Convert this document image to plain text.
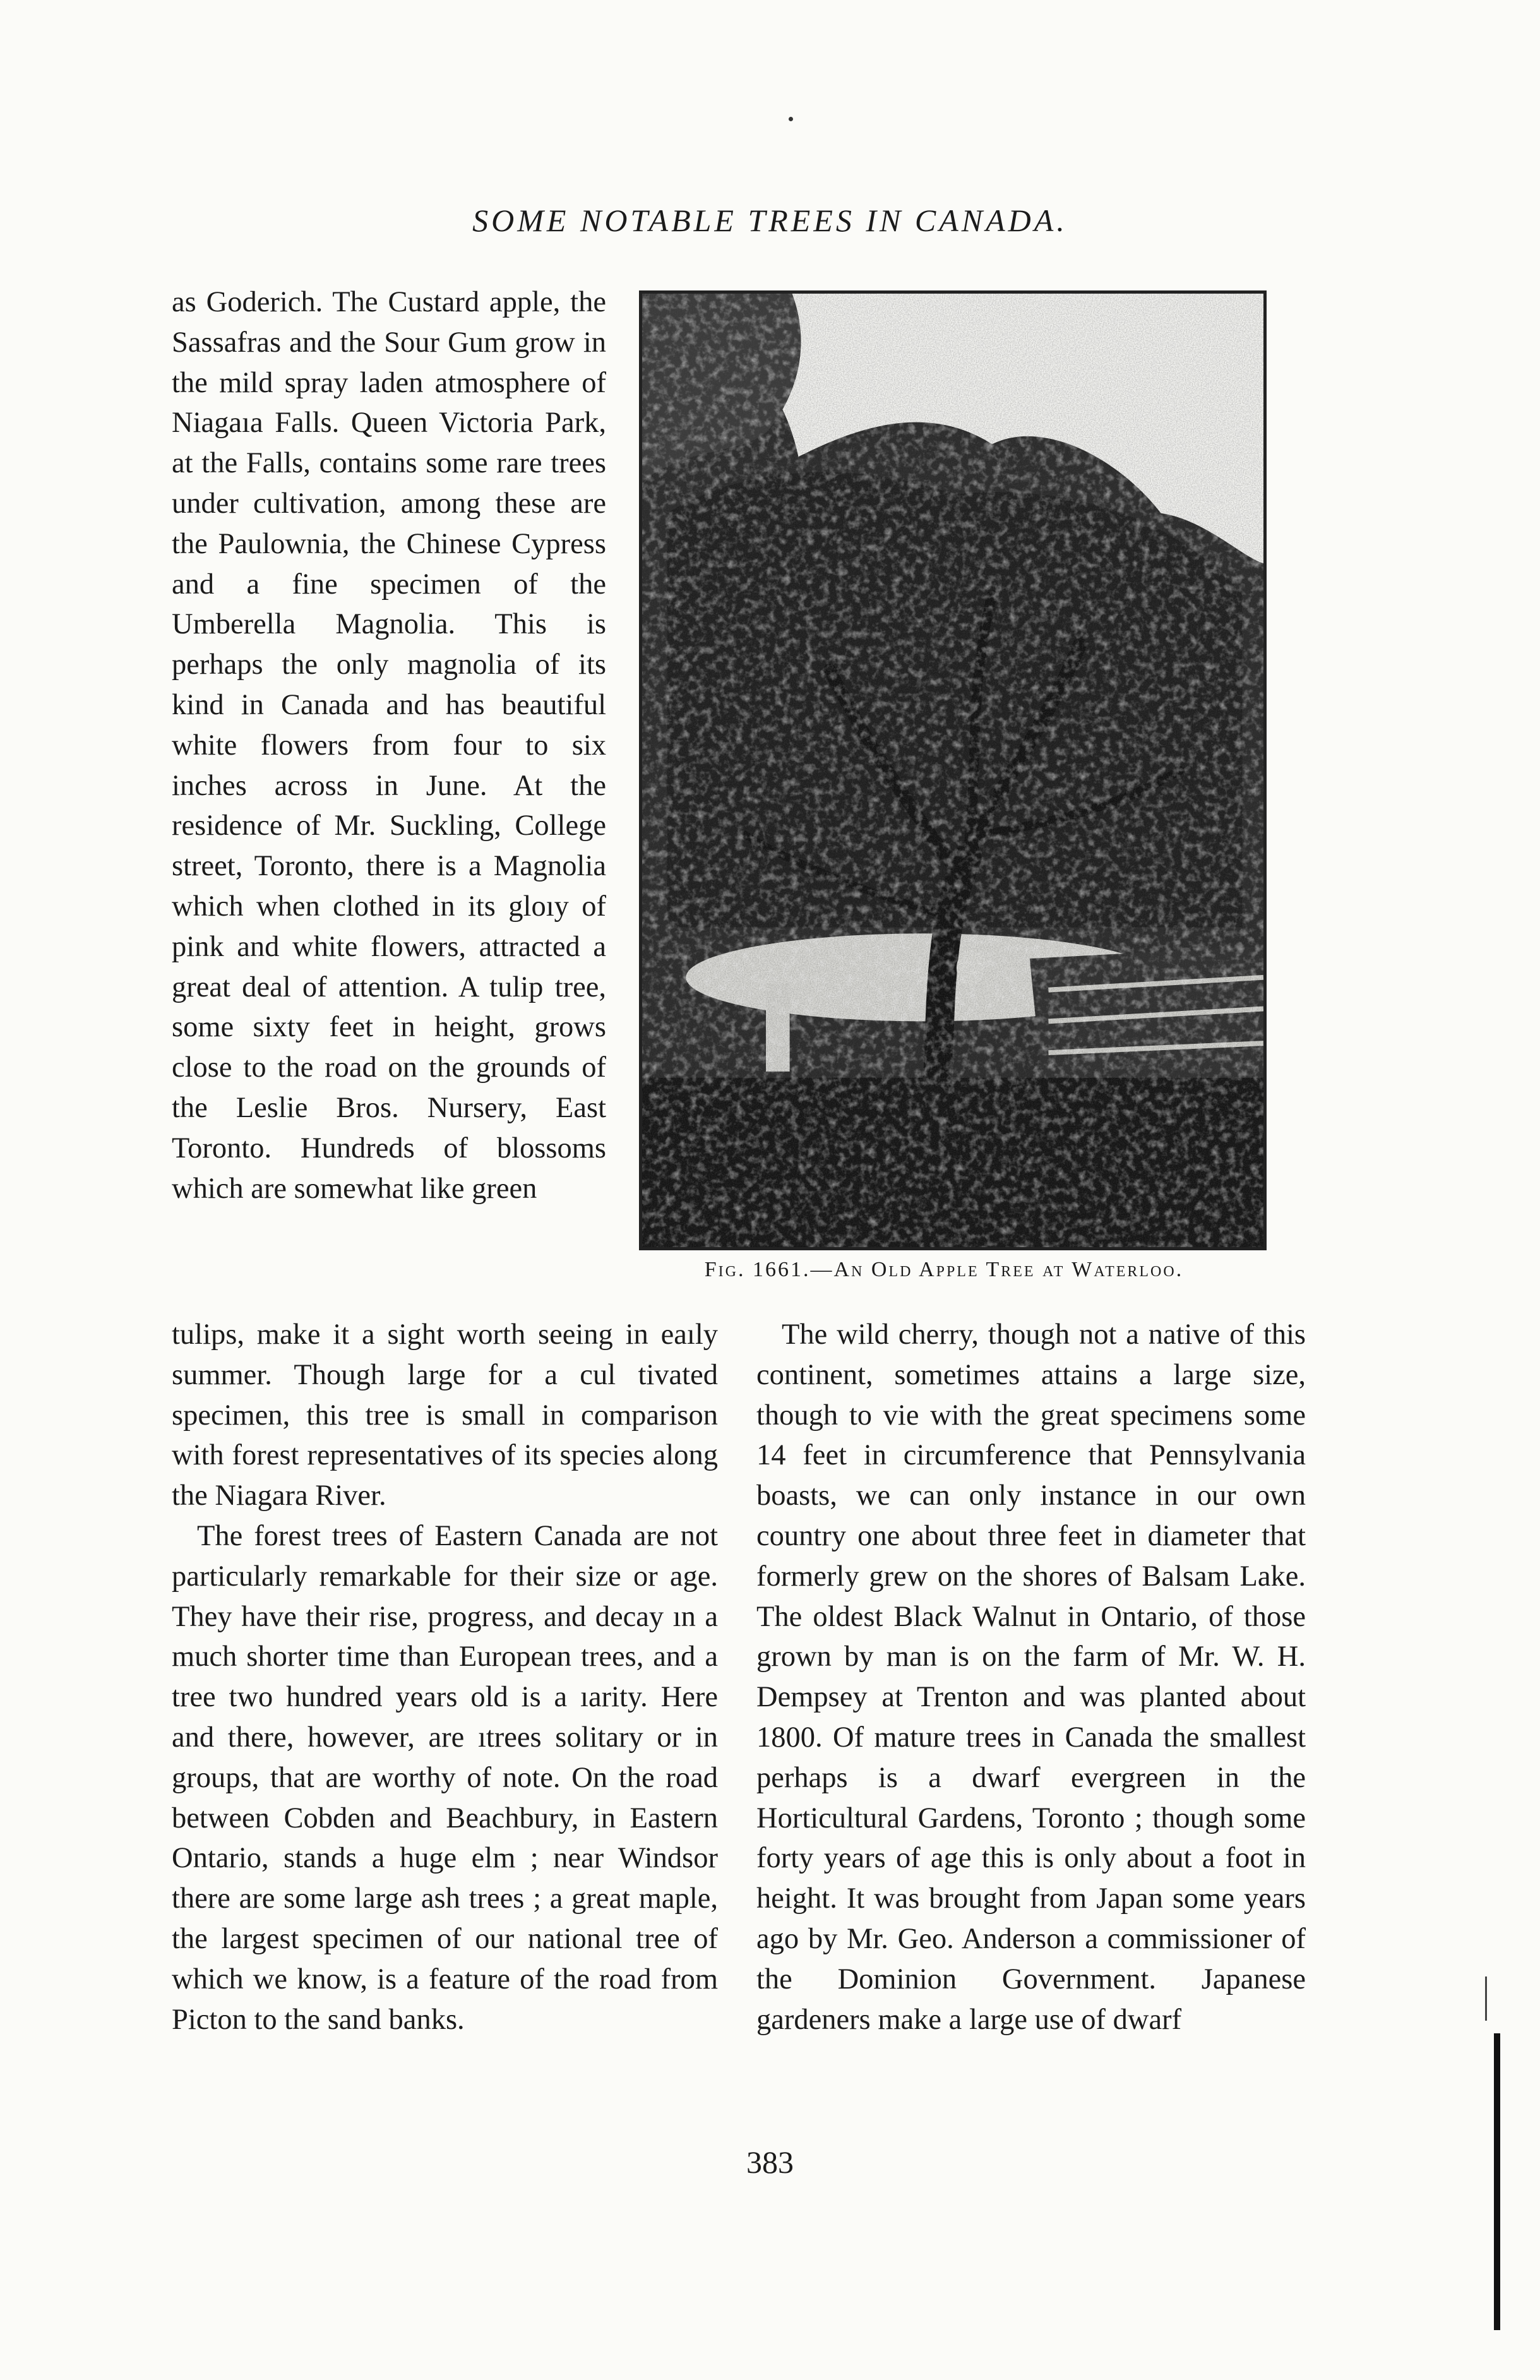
SOME NOTABLE TREES IN CANADA.

as Goderich. The Custard apple, the Sassafras and the Sour Gum grow in the mild spray laden atmosphere of Niagaıa Falls. Queen Victoria Park, at the Falls, contains some rare trees under cultivation, among these are the Paulownia, the Chinese Cypress and a fine specimen of the Umberella Magnolia. This is perhaps the only magnolia of its kind in Canada and has beautiful white flowers from four to six inches across in June. At the residence of Mr. Suckling, College street, Toronto, there is a Magnolia which when clothed in its gloıy of pink and white flowers, attracted a great deal of attention. A tulip tree, some sixty feet in height, grows close to the road on the grounds of the Leslie Bros. Nursery, East Toronto. Hundreds of blossoms which are somewhat like green

Fig. 1661.—An Old Apple Tree at Waterloo.

tulips, make it a sight worth seeing in eaıly summer. Though large for a cul tivated specimen, this tree is small in comparison with forest representatives of its species along the Niagara River.

The forest trees of Eastern Canada are not particularly remarkable for their size or age. They have their rise, progress, and decay ın a much shorter time than European trees, and a tree two hundred years old is a ıarity. Here and there, however, are ıtrees solitary or in groups, that are worthy of note. On the road between Cobden and Beachbury, in Eastern Ontario, stands a huge elm ; near Windsor there are some large ash trees ; a great maple, the largest specimen of our national tree of which we know, is a feature of the road from Picton to the sand banks.

The wild cherry, though not a native of this continent, sometimes attains a large size, though to vie with the great specimens some 14 feet in circumference that Pennsylvania boasts, we can only instance in our own country one about three feet in diameter that formerly grew on the shores of Balsam Lake. The oldest Black Walnut in Ontario, of those grown by man is on the farm of Mr. W. H. Dempsey at Trenton and was planted about 1800. Of mature trees in Canada the smallest perhaps is a dwarf evergreen in the Horticultural Gardens, Toronto ; though some forty years of age this is only about a foot in height. It was brought from Japan some years ago by Mr. Geo. Anderson a commissioner of the Dominion Government. Japanese gardeners make a large use of dwarf

383
